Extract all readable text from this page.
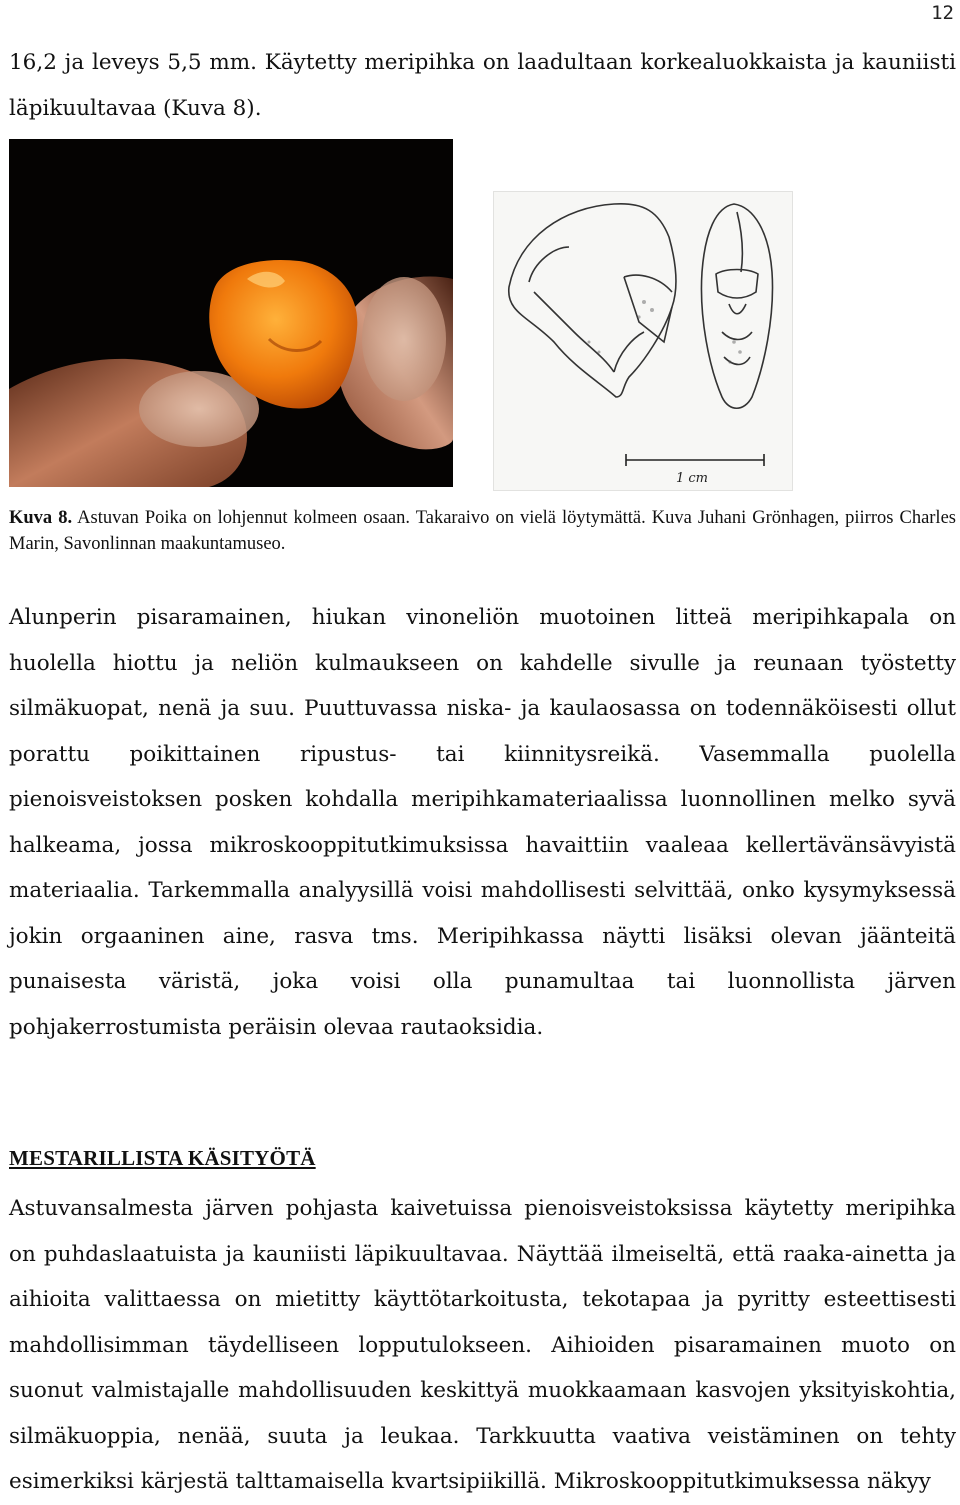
12

16,2 ja leveys 5,5 mm. Käytetty meripihka on laadultaan korkealuokkaista ja kauniisti läpikuultavaa (Kuva 8).

1 cm
Kuva 8. Astuvan Poika on lohjennut kolmeen osaan. Takaraivo on vielä löytymättä. Kuva Juhani Grönhagen, piirros Charles Marin, Savonlinnan maakuntamuseo.

Alunperin pisaramainen, hiukan vinoneliön muotoinen litteä meripihkapala on huolella hiottu ja neliön kulmaukseen on kahdelle sivulle ja reunaan työstetty silmäkuopat, nenä ja suu. Puuttuvassa niska- ja kaulaosassa on todennäköisesti ollut porattu poikittainen ripustus- tai kiinnitysreikä. Vasemmalla puolella pienoisveistoksen posken kohdalla meripihkamateriaalissa luonnollinen melko syvä halkeama, jossa mikroskooppitutkimuksissa havaittiin vaaleaa kellertävänsävyistä materiaalia. Tarkemmalla analyysillä voisi mahdollisesti selvittää, onko kysymyksessä jokin orgaaninen aine, rasva tms. Meripihkassa näytti lisäksi olevan jäänteitä punaisesta väristä, joka voisi olla punamultaa tai luonnollista järven pohjakerrostumista peräisin olevaa rautaoksidia.

MESTARILLISTA KÄSITYÖTÄ

Astuvansalmesta järven pohjasta kaivetuissa pienoisveistoksissa käytetty meripihka on puhdaslaatuista ja kauniisti läpikuultavaa. Näyttää ilmeiseltä, että raaka-ainetta ja aihioita valittaessa on mietitty käyttötarkoitusta, tekotapaa ja pyritty esteettisesti mahdollisimman täydelliseen lopputulokseen. Aihioiden pisaramainen muoto on suonut valmistajalle mahdollisuuden keskittyä muokkaamaan kasvojen yksityiskohtia, silmäkuoppia, nenää, suuta ja leukaa. Tarkkuutta vaativa veistäminen on tehty esimerkiksi kärjestä talttamaisella kvartsipiikillä. Mikroskooppitutkimuksessa näkyy
